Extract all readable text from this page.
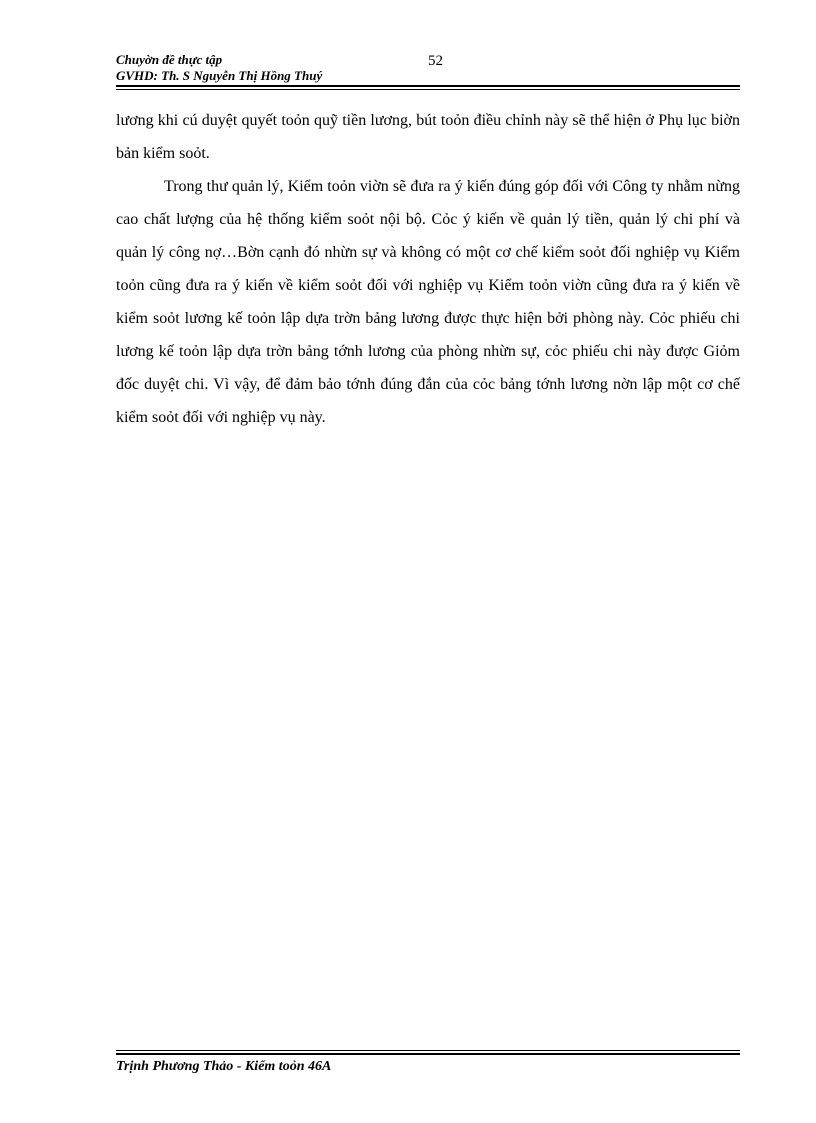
Chuyờn đề thực tập
GVHD: Th. S Nguyễn Thị Hồng Thuý
52

lương khi cú duyệt quyết toỏn quỹ tiền lương, bút toỏn điều chỉnh này sẽ thể hiện ở Phụ lục biờn bản kiểm soỏt.

Trong thư quản lý, Kiểm toỏn viờn sẽ đưa ra ý kiến đúng góp đối với Công ty nhằm nừng cao chất lượng của hệ thống kiểm soỏt nội bộ. Cỏc ý kiến về quản lý tiền, quản lý chi phí và quản lý công nợ…Bờn cạnh đó nhừn sự và không có một cơ chế kiểm soỏt đối nghiệp vụ Kiểm toỏn cũng đưa ra ý kiến về kiểm soỏt đối với nghiệp vụ Kiểm toỏn viờn cũng đưa ra ý kiến về kiểm soỏt lương kế toỏn lập dựa trờn bảng lương được thực hiện bởi phòng này. Cỏc phiếu chi lương kế toỏn lập dựa trờn bảng tớnh lương của phòng nhừn sự, cỏc phiếu chi này được Giỏm đốc duyệt chi. Vì vậy, để đảm bảo tớnh đúng đắn của cỏc bảng tớnh lương nờn lập một cơ chế kiểm soỏt đối với nghiệp vụ này.

Trịnh Phương Thảo - Kiểm toỏn 46A
